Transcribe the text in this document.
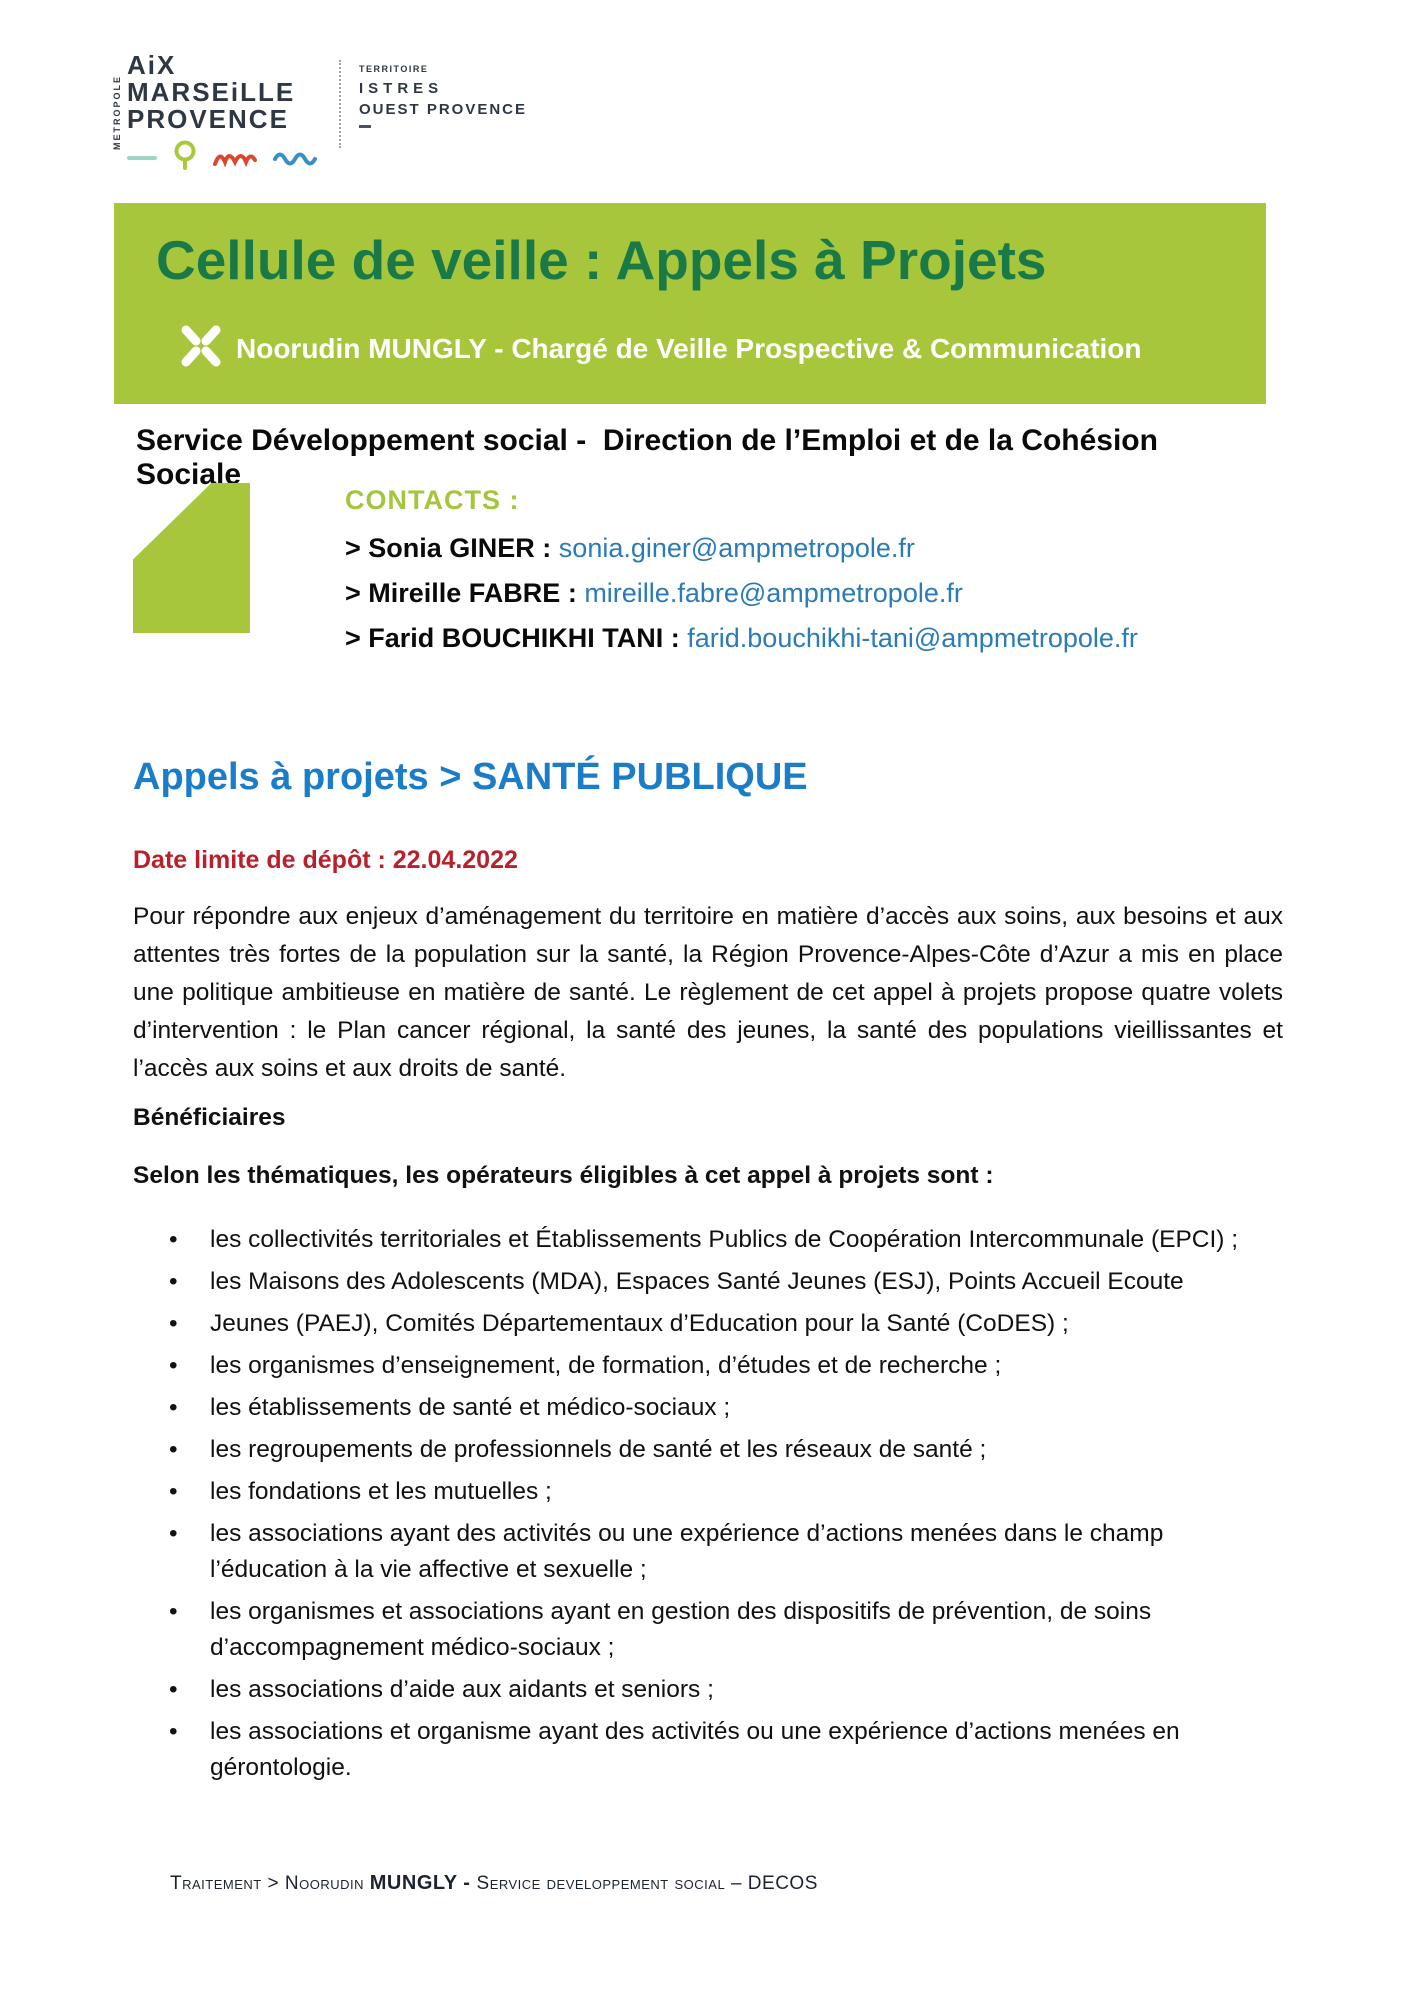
METROPOLE
AiX
MARSEiLLE
PROVENCE
TERRITOIRE
ISTRES
OUEST PROVENCE
Cellule de veille : Appels à Projets
Noorudin MUNGLY - Chargé de Veille Prospective & Communication
Service Développement social -  Direction de l’Emploi et de la Cohésion  Sociale
CONTACTS :
> Sonia GINER : sonia.giner@ampmetropole.fr
> Mireille FABRE : mireille.fabre@ampmetropole.fr
> Farid BOUCHIKHI TANI : farid.bouchikhi-tani@ampmetropole.fr
Appels à projets > SANTÉ PUBLIQUE
Date limite de dépôt : 22.04.2022

Pour répondre aux enjeux d’aménagement du territoire en matière d’accès aux soins, aux besoins et aux attentes très fortes de la population sur la santé, la Région Provence-Alpes-Côte d’Azur a mis en place une politique ambitieuse en matière de santé. Le règlement de cet appel à projets propose quatre volets d’intervention : le Plan cancer régional, la santé des jeunes, la santé des populations vieillissantes et l’accès aux soins et aux droits de santé.

Bénéficiaires
Selon les thématiques, les opérateurs éligibles à cet appel à projets sont :
• les collectivités territoriales et Établissements Publics de Coopération Intercommunale (EPCI) ;
• les Maisons des Adolescents (MDA), Espaces Santé Jeunes (ESJ), Points Accueil Ecoute
• Jeunes (PAEJ), Comités Départementaux d’Education pour la Santé (CoDES) ;
• les organismes d’enseignement, de formation, d’études et de recherche ;
• les établissements de santé et médico-sociaux ;
• les regroupements de professionnels de santé et les réseaux de santé ;
• les fondations et les mutuelles ;
• les associations ayant des activités ou une expérience d’actions menées dans le champ l’éducation à la vie affective et sexuelle ;
• les organismes et associations ayant en gestion des dispositifs de prévention, de soins d’accompagnement médico-sociaux ;
• les associations d’aide aux aidants et seniors ;
• les associations et organisme ayant des activités ou une expérience d’actions menées en gérontologie.
Traitement > Noorudin MUNGLY - Service developpement social – DECOS
